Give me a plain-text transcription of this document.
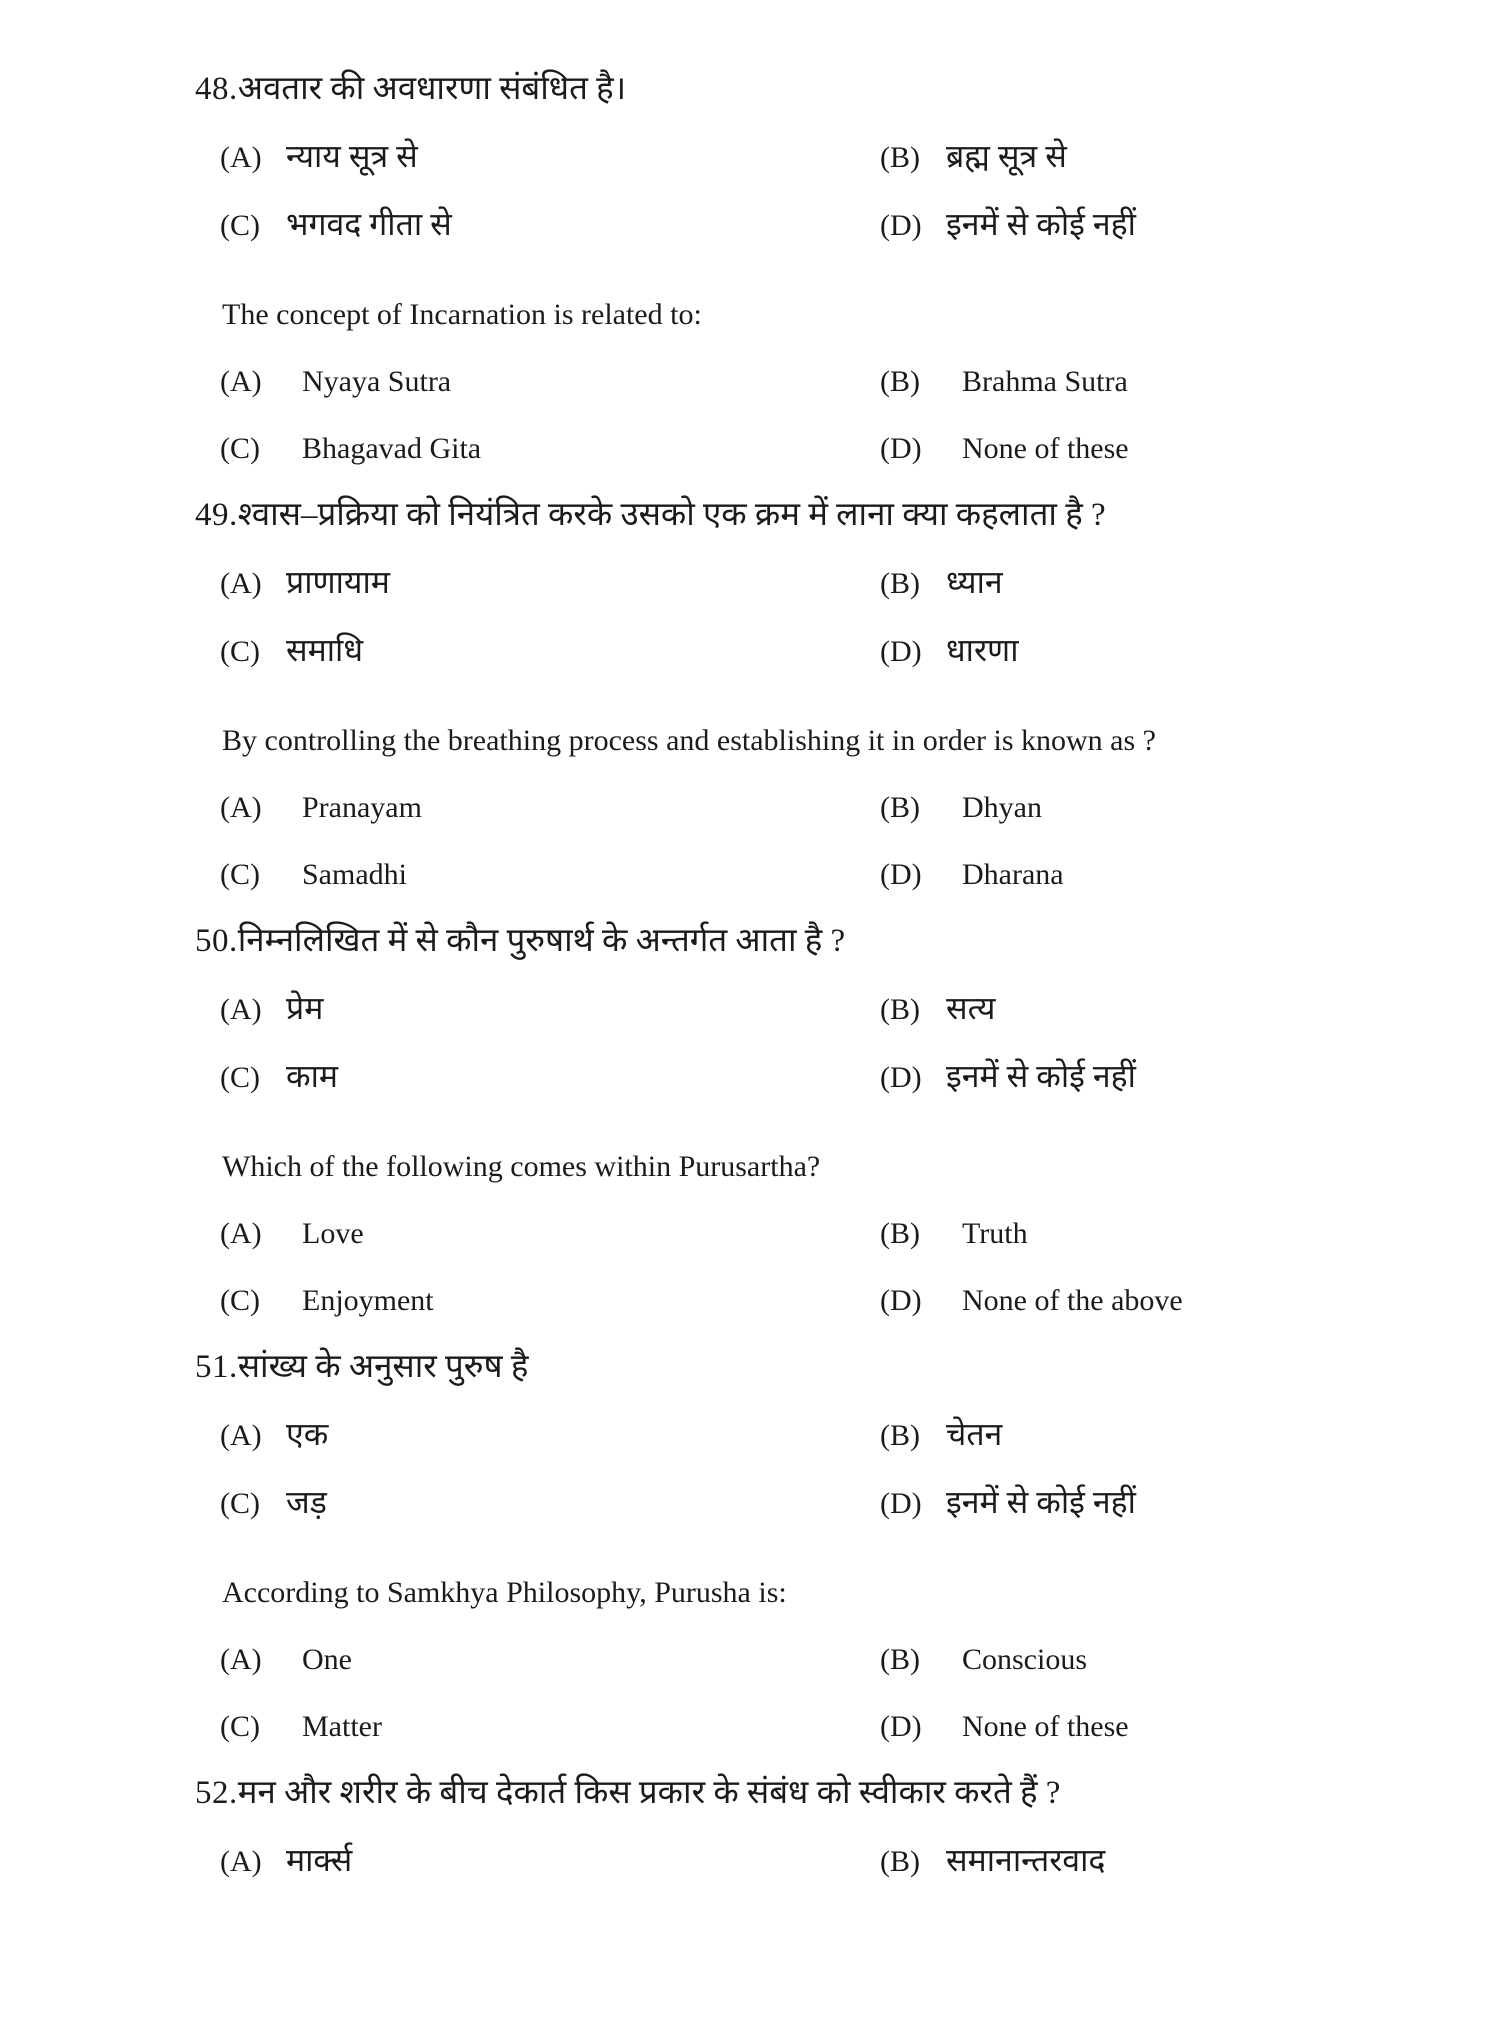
48.अवतार की अवधारणा संबंधित है।
(A) न्याय सूत्र से	(B) ब्रह्म सूत्र से
(C) भगवद गीता से	(D) इनमें से कोई नहीं
The concept of Incarnation is related to:
(A)	Nyaya Sutra	(B)	Brahma Sutra
(C)	Bhagavad Gita	(D)	None of these
49.श्वास–प्रक्रिया को नियंत्रित करके उसको एक क्रम में लाना क्या कहलाता है ?
(A) प्राणायाम	(B) ध्यान
(C) समाधि	(D) धारणा
By controlling the breathing process and establishing it in order is known as ?
(A)	Pranayam	(B)	Dhyan
(C)	Samadhi	(D)	Dharana
50.निम्नलिखित में से कौन पुरुषार्थ के अन्तर्गत आता है ?
(A) प्रेम	(B) सत्य
(C) काम	(D) इनमें से कोई नहीं
Which of the following comes within Purusartha?
(A)	Love	(B)	Truth
(C)	Enjoyment	(D)	None of the above
51.सांख्य के अनुसार पुरुष है
(A) एक	(B) चेतन
(C) जड़	(D) इनमें से कोई नहीं
According to Samkhya Philosophy, Purusha is:
(A)	One	(B)	Conscious
(C)	Matter	(D)	None of these
52.मन और शरीर के बीच देकार्त किस प्रकार के संबंध को स्वीकार करते हैं ?
(A) मार्क्स	(B) समानान्तरवाद
